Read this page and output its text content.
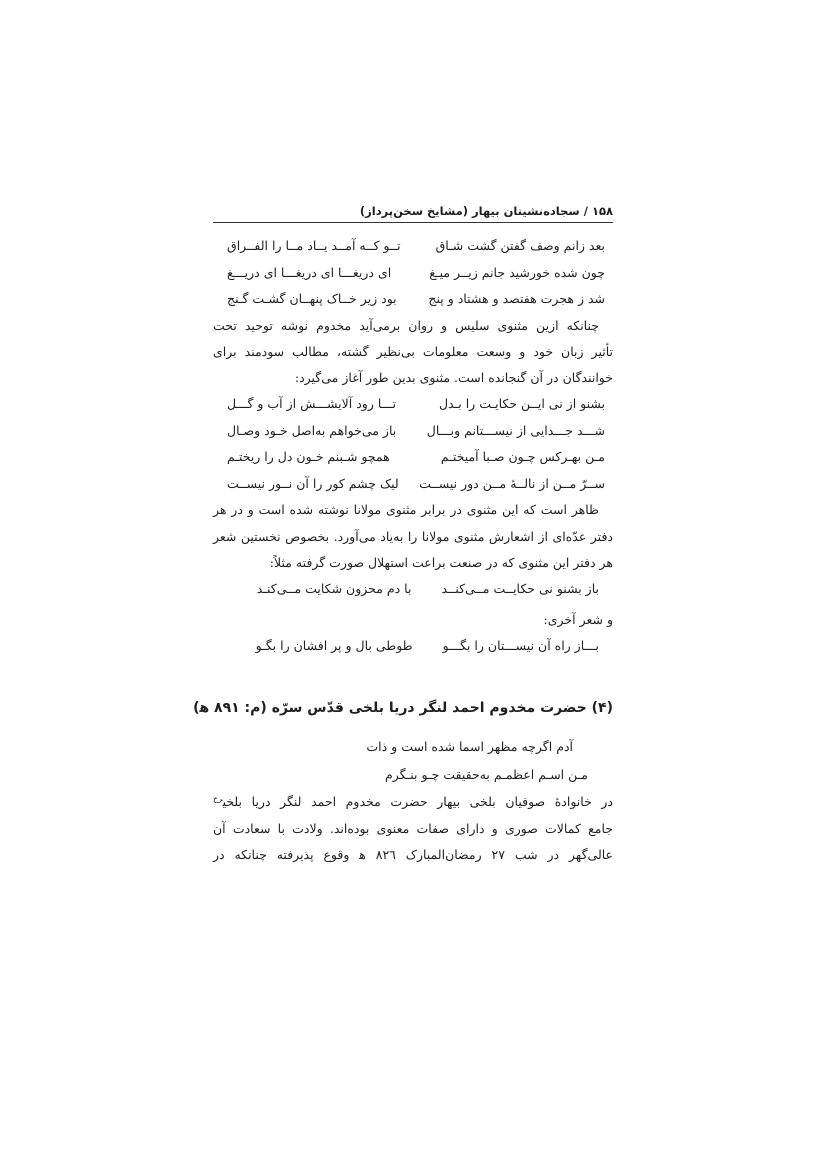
۱۵۸ / سجاده‌نشینان بیهار (مشایخ سخن‌پرداز)
بعد زانم وصف گفتن گشت شـاق
تــو کــه آمــد یــاد مــا را الفــراق
چون شده خورشید جانم زیــر میـغ
ای دریغـــا ای دریغـــا ای دریـــغ
شد ز هجرت هفتصد و هشتاد و پنج
بود زیر خــاک پنهــان گشـت گـنج
چنانکه ازین مثنوی سلیس و روان برمی‌آید مخدوم نوشه توحید تحت
تأثیر زبان خود و وسعت معلومات بی‌نظیر گشته، مطالب سودمند برای
خوانندگان در آن گنجانده است. مثنوی بدین طور آغاز می‌گیرد:
بشنو از نی ایــن حکایـت را بـدل
تـــا رود آلایشـــش از آب و گـــل
شـــد جـــدایی از نیســـتانم وبـــال
باز می‌خواهم به‌اصل خـود وصـال
مـن بهـرکس چـون صـبا آمیختـم
همچو شـبنم خـون دل را ریختـم
ســرّ مــن از نالــهٔ مــن دور نیســت
لیک چشم کور را آن نــور نیســت
ظاهر است که این مثنوی در برابر مثنوی مولانا نوشته شده است و در هر
دفتر عدّه‌ای از اشعارش مثنوی مولانا را به‌یاد می‌آورد. بخصوص نخستین شعر
هر دفتر این مثنوی که در صنعت براعت استهلال صورت گرفته مثلاً:
باز بشنو نی حکایــت مــی‌کنــد
با دم محزون شکایت مــی‌کنـد
و شعر آخری:
بـــاز راه آن نیســـتان را بگـــو
طوطی بال و پر افشان را بگـو
(۴) حضرت مخدوم احمد لنگر دریا بلخی قدّس سرّه (م: ۸۹۱ ﻫ)
آدم اگرچه مظهر اسما شده است و ذات
مـن اسـم اعظمـم به‌حقیقت چـو بنـگرم
در خانوادهٔ صوفیان بلخی بیهار حضرت مخدوم احمد لنگر دریا بلخی$^{رح}$
جامع کمالات صوری و دارای صفات معنوی بوده‌اند. ولادت با سعادت آن
عالی‌گهر در شب ۲۷ رمضان‌المبارک ۸۲٦ ﻫ وقوع پذیرفته چنانکه در
